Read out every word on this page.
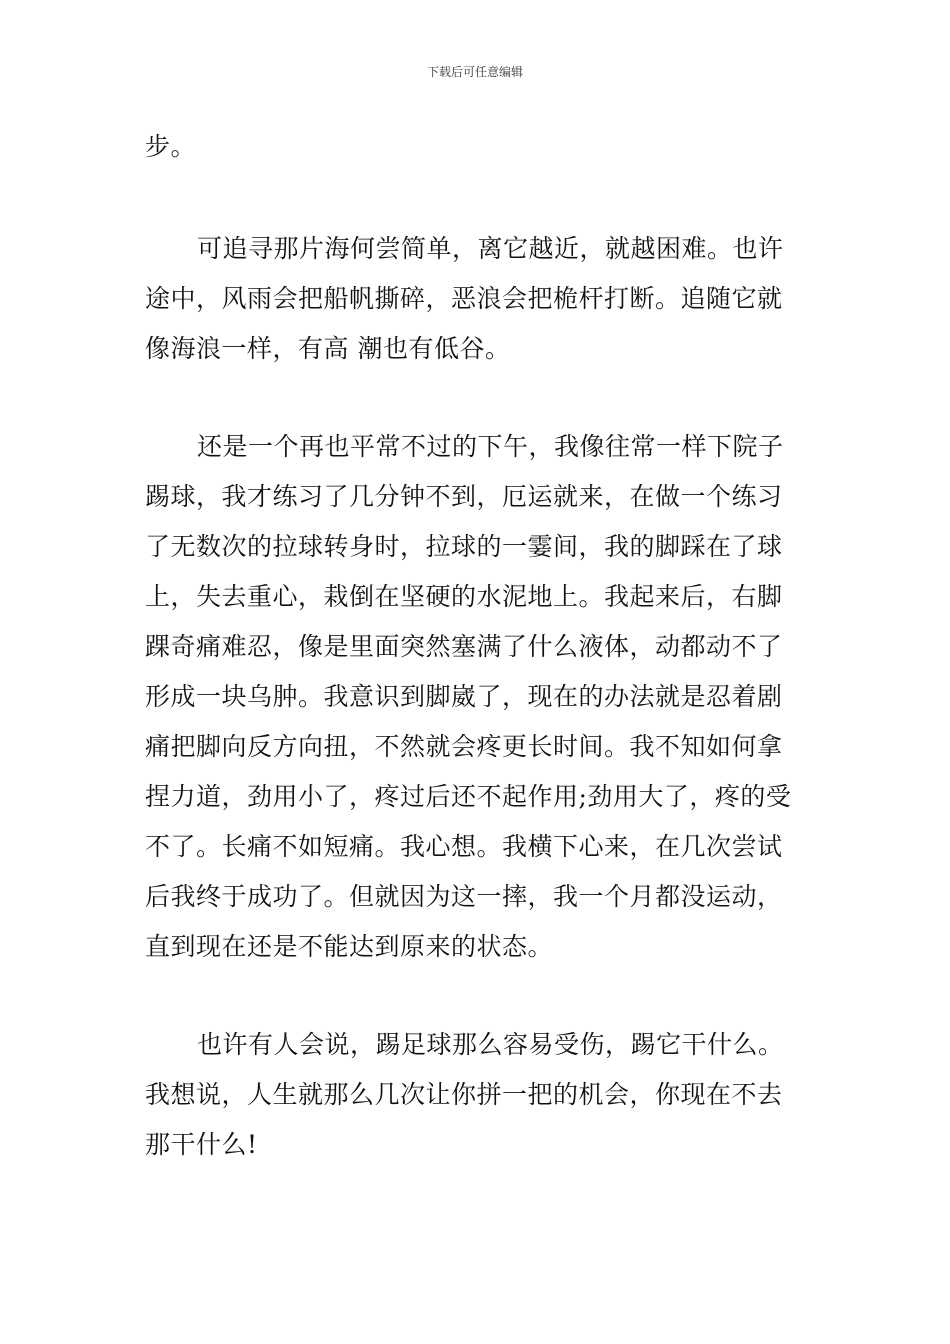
下载后可任意编辑
步。
可追寻那片海何尝简单，离它越近，就越困难。也许
途中，风雨会把船帆撕碎，恶浪会把桅杆打断。追随它就
像海浪一样，有高 潮也有低谷。
还是一个再也平常不过的下午，我像往常一样下院子
踢球，我才练习了几分钟不到，厄运就来，在做一个练习
了无数次的拉球转身时，拉球的一霎间，我的脚踩在了球
上，失去重心，栽倒在坚硬的水泥地上。我起来后，右脚
踝奇痛难忍，像是里面突然塞满了什么液体，动都动不了
形成一块乌肿。我意识到脚崴了，现在的办法就是忍着剧
痛把脚向反方向扭，不然就会疼更长时间。我不知如何拿
捏力道，劲用小了，疼过后还不起作用;劲用大了，疼的受
不了。长痛不如短痛。我心想。我横下心来，在几次尝试
后我终于成功了。但就因为这一摔，我一个月都没运动，
直到现在还是不能达到原来的状态。
也许有人会说，踢足球那么容易受伤，踢它干什么。
我想说，人生就那么几次让你拼一把的机会，你现在不去
那干什么!
